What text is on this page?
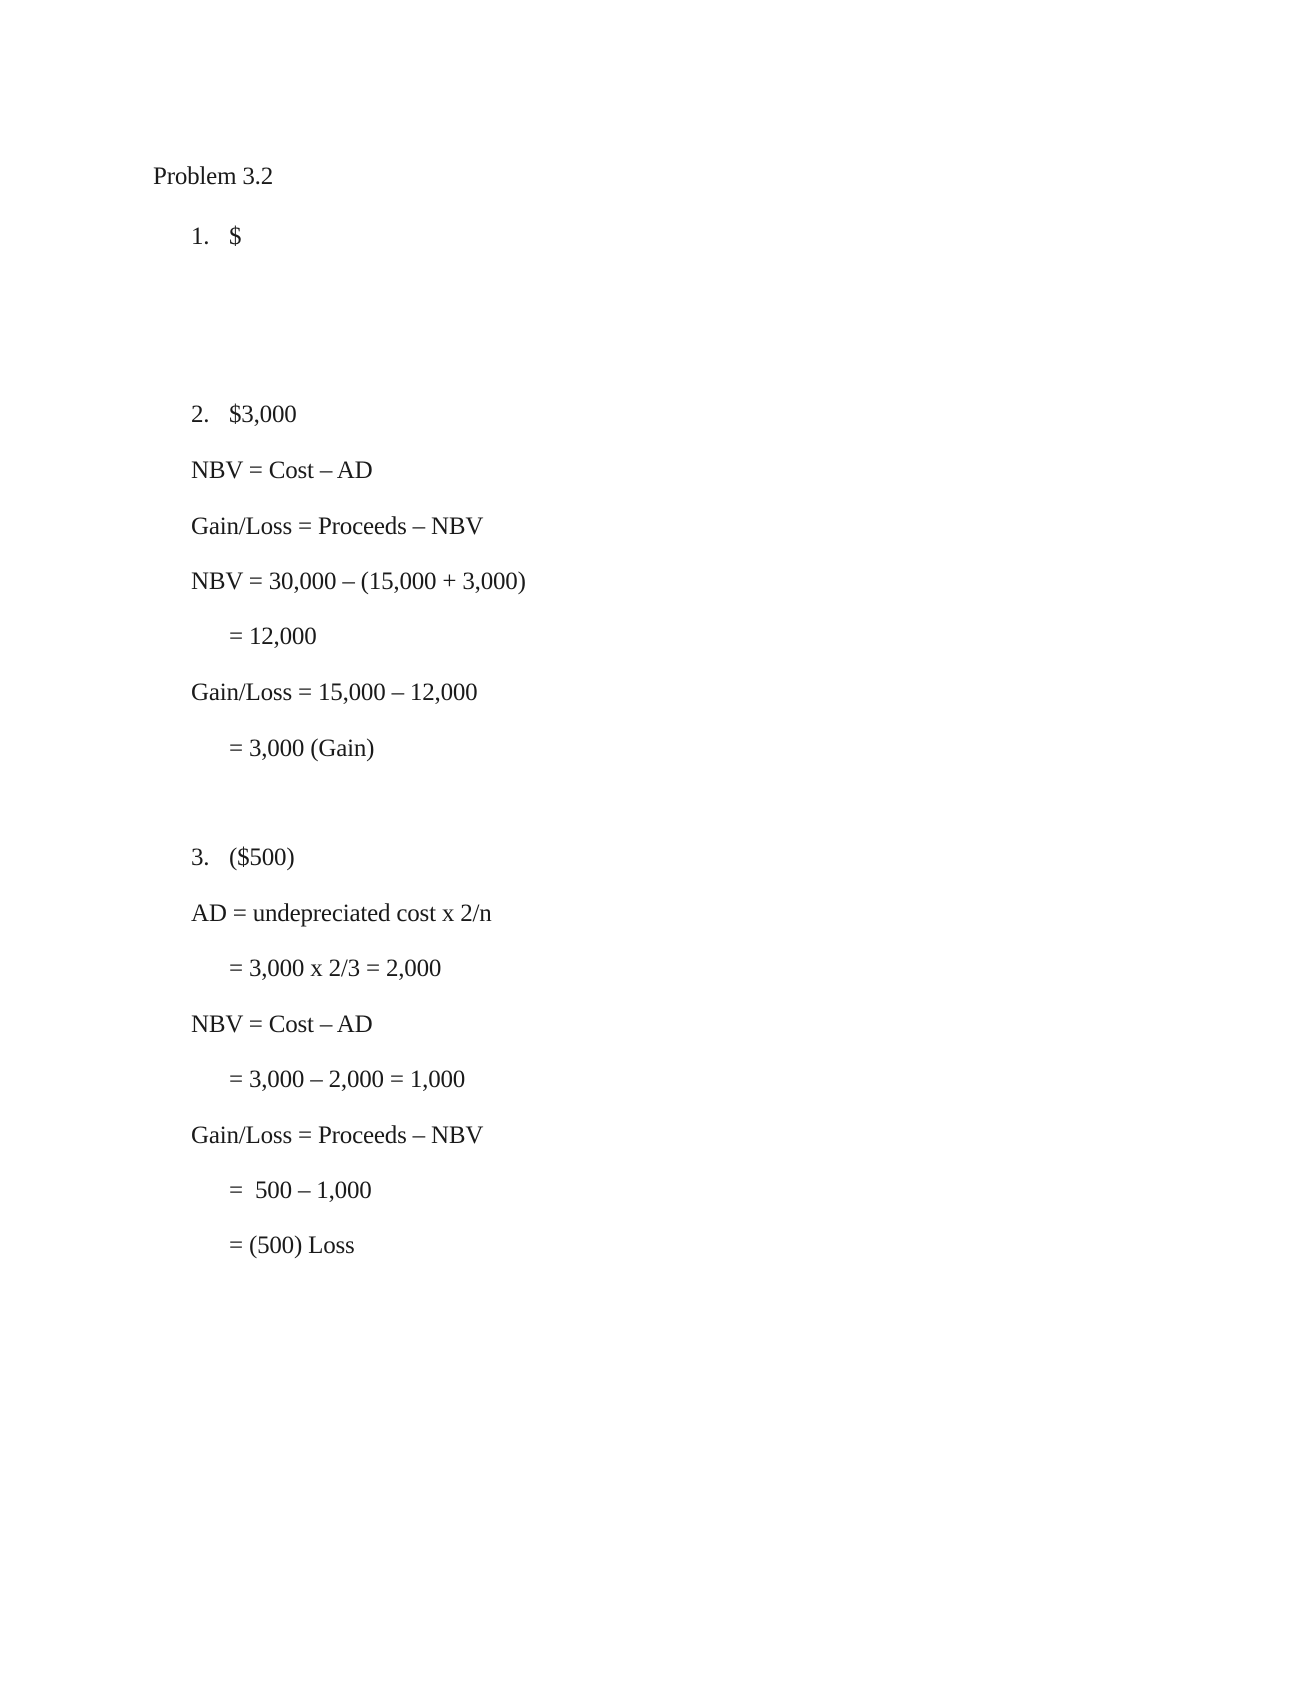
Problem 3.2
1. $
2. $3,000
NBV = Cost – AD
Gain/Loss = Proceeds – NBV
NBV = 30,000 – (15,000 + 3,000)
= 12,000
Gain/Loss = 15,000 – 12,000
= 3,000 (Gain)
3. ($500)
AD = undepreciated cost x 2/n
= 3,000 x 2/3 = 2,000
NBV = Cost – AD
= 3,000 – 2,000 = 1,000
Gain/Loss = Proceeds – NBV
=  500 – 1,000
= (500) Loss
